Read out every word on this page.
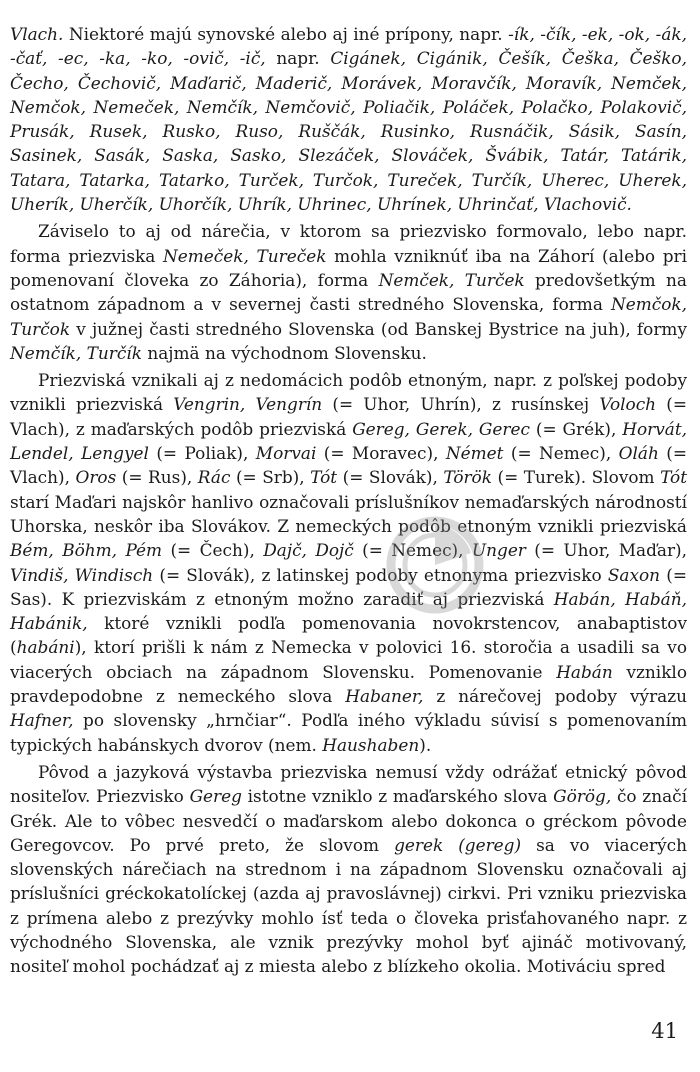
Vlach. Niektoré majú synovské alebo aj iné prípony, napr. -ík, -čík, -ek, -ok, -ák, -čať, -ec, -ka, -ko, -ovič, -ič, napr. Cigánek, Cigánik, Češík, Češka, Češko, Čecho, Čechovič, Maďarič, Maderič, Morávek, Moravčík, Moravík, Nemček, Nemčok, Nemeček, Nemčík, Nemčovič, Poliačik, Poláček, Polačko, Polakovič, Prusák, Rusek, Rusko, Ruso, Ruščák, Rusinko, Rusnáčik, Sásik, Sasín, Sasinek, Sasák, Saska, Sasko, Slezáček, Slováček, Švábik, Tatár, Tatárik, Tatara, Tatarka, Tatarko, Turček, Turčok, Tureček, Turčík, Uherec, Uherek, Uherík, Uherčík, Uhorčík, Uhrík, Uhrinec, Uhrínek, Uhrinčať, Vlachovič.

Záviselo to aj od nárečia, v ktorom sa priezvisko formovalo, lebo napr. forma priezviska Nemeček, Tureček mohla vzniknúť iba na Záhorí (alebo pri pomenovaní človeka zo Záhoria), forma Nemček, Turček predovšetkým na ostatnom západnom a v severnej časti stredného Slovenska, forma Nemčok, Turčok v južnej časti stredného Slovenska (od Banskej Bystrice na juh), formy Nemčík, Turčík najmä na východnom Slovensku.

Priezviská vznikali aj z nedomácich podôb etnoným, napr. z poľskej podoby vznikli priezviská Vengrin, Vengrín (= Uhor, Uhrín), z rusínskej Voloch (= Vlach), z maďarských podôb priezviská Gereg, Gerek, Gerec (= Grék), Horvát, Lendel, Lengyel (= Poliak), Morvai (= Moravec), Német (= Nemec), Oláh (= Vlach), Oros (= Rus), Rác (= Srb), Tót (= Slovák), Török (= Turek). Slovom Tót starí Maďari najskôr hanlivo označovali príslušníkov nemaďarských národností Uhorska, neskôr iba Slovákov. Z nemeckých podôb etnoným vznikli priezviská Bém, Böhm, Pém (= Čech), Dajč, Dojč (= Nemec), Unger (= Uhor, Maďar), Vindiš, Windisch (= Slovák), z latinskej podoby etnonyma priezvisko Saxon (= Sas). K priezviskám z etnoným možno zaradiť aj priezviská Habán, Habáň, Habánik, ktoré vznikli podľa pomenovania novokrstencov, anabaptistov (habáni), ktorí prišli k nám z Nemecka v polovici 16. storočia a usadili sa vo viacerých obciach na západnom Slovensku. Pomenovanie Habán vzniklo pravdepodobne z nemeckého slova Habaner, z nárečovej podoby výrazu Hafner, po slovensky „hrnčiar“. Podľa iného výkladu súvisí s pomenovaním typických habánskych dvorov (nem. Haushaben).

Pôvod a jazyková výstavba priezviska nemusí vždy odrážať etnický pôvod nositeľov. Priezvisko Gereg istotne vzniklo z maďarského slova Görög, čo značí Grék. Ale to vôbec nesvedčí o maďarskom alebo dokonca o gréckom pôvode Geregovcov. Po prvé preto, že slovom gerek (gereg) sa vo viacerých slovenských nárečiach na strednom i na západnom Slovensku označovali aj príslušníci gréckokatolíckej (azda aj pravoslávnej) cirkvi. Pri vzniku priezviska z prímena alebo z prezývky mohlo ísť teda o človeka prisťahovaného napr. z východného Slovenska, ale vznik prezývky mohol byť ajináč motivovaný, nositeľ mohol pochádzať aj z miesta alebo z blízkeho okolia. Motiváciu spred

41
